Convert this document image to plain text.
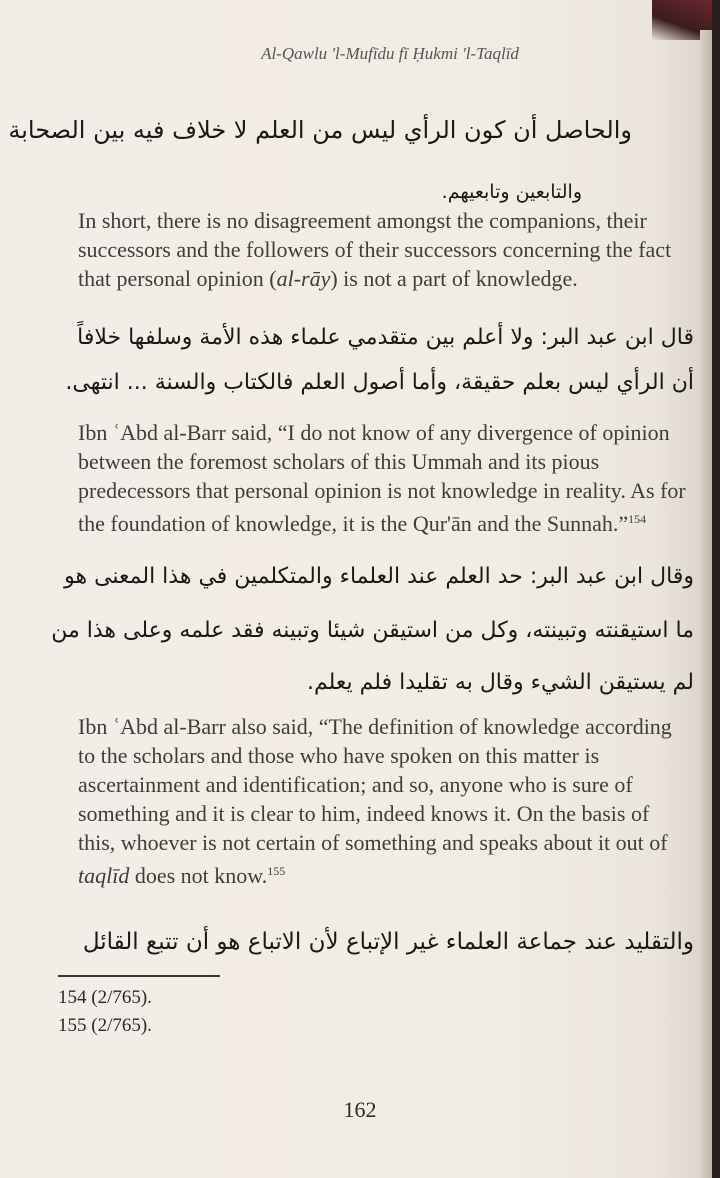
Al-Qawlu 'l-Mufīdu fī Ḥukmi 'l-Taqlīd
والحاصل أن كون الرأي ليس من العلم لا خلاف فيه بين الصحابة
والتابعين وتابعيهم.

In short, there is no disagreement amongst the companions, their successors and the followers of their successors concerning the fact that personal opinion (al-rāy) is not a part of knowledge.

قال ابن عبد البر: ولا أعلم بين متقدمي علماء هذه الأمة وسلفها خلافاً
أن الرأي ليس بعلم حقيقة، وأما أصول العلم فالكتاب والسنة ... انتهى.

Ibn ʿAbd al-Barr said, “I do not know of any divergence of opinion between the foremost scholars of this Ummah and its pious predecessors that personal opinion is not knowledge in reality. As for the foundation of knowledge, it is the Qur'ān and the Sunnah.”$^{154}$

وقال ابن عبد البر: حد العلم عند العلماء والمتكلمين في هذا المعنى هو
ما استيقنته وتبينته، وكل من استيقن شيئا وتبينه فقد علمه وعلى هذا من
لم يستيقن الشيء وقال به تقليدا فلم يعلم.

Ibn ʿAbd al-Barr also said, “The definition of knowledge according to the scholars and those who have spoken on this matter is ascertainment and identification; and so, anyone who is sure of something and it is clear to him, indeed knows it. On the basis of this, whoever is not certain of something and speaks about it out of taqlīd does not know.$^{155}$

والتقليد عند جماعة العلماء غير الإتباع لأن الاتباع هو أن تتبع القائل
154 (2/765).
155 (2/765).
162
